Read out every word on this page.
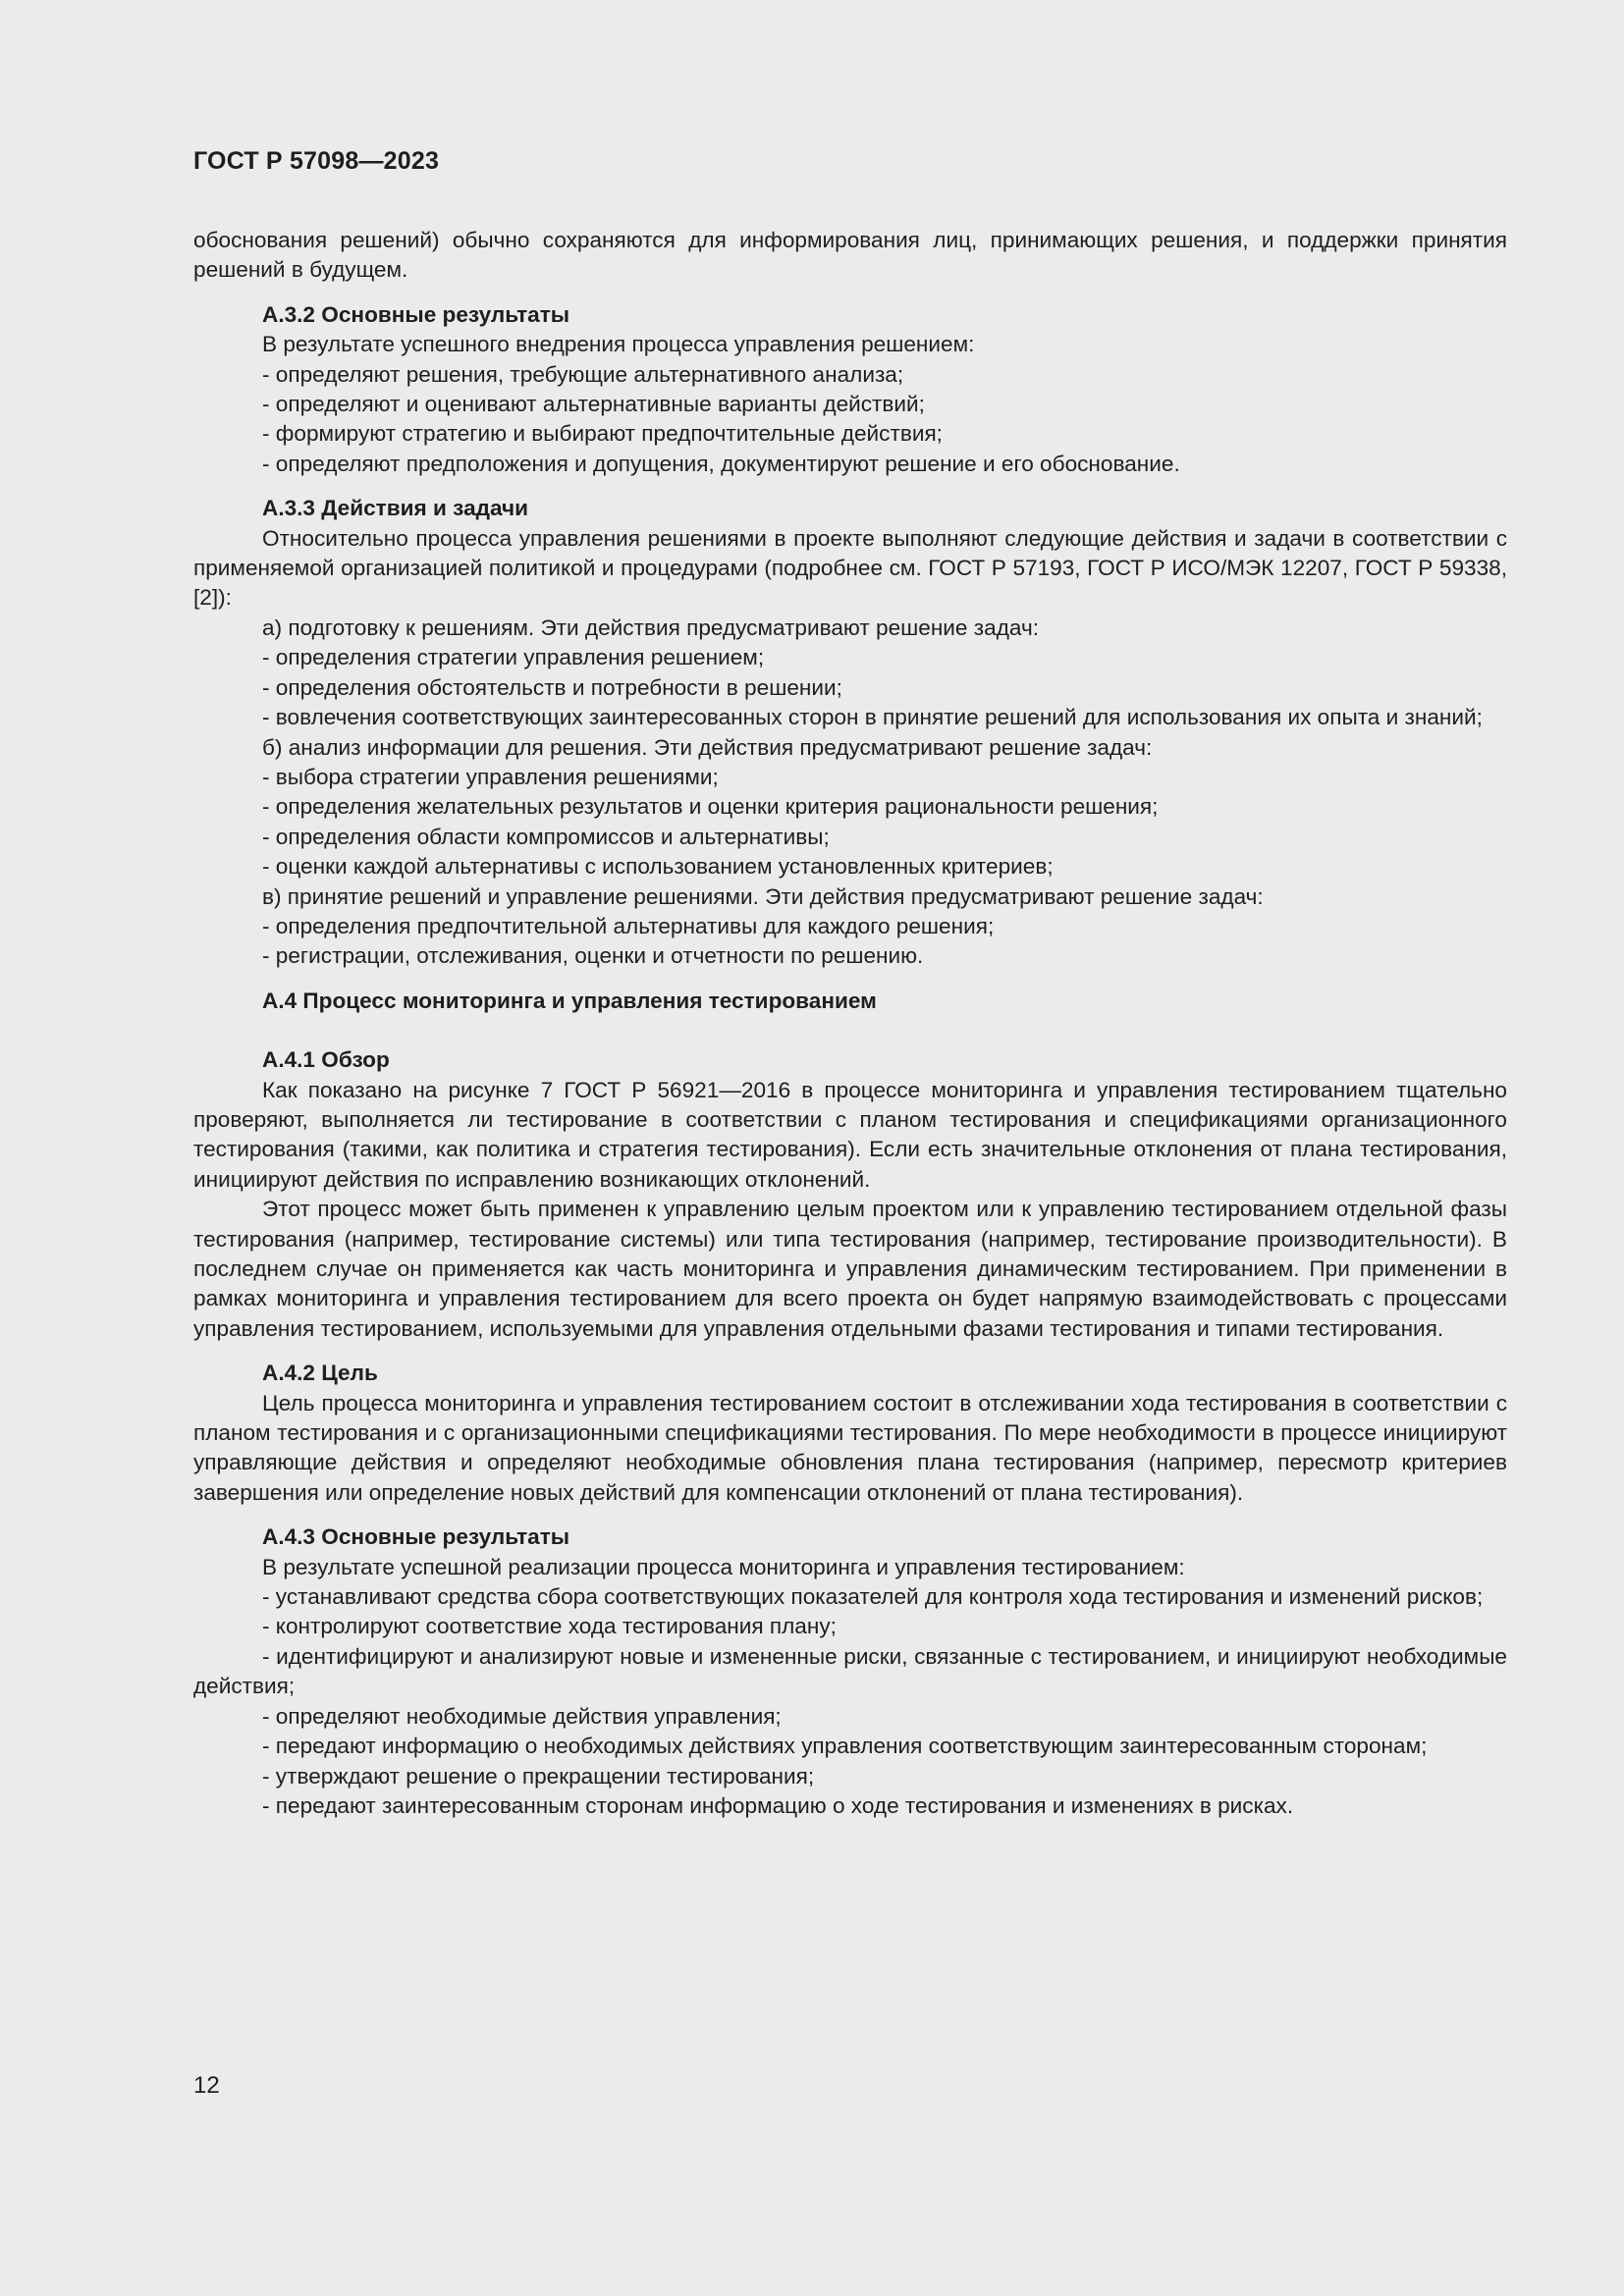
ГОСТ Р 57098—2023

обоснования решений) обычно сохраняются для информирования лиц, принимающих решения, и поддержки принятия решений в будущем.

А.3.2 Основные результаты

В результате успешного внедрения процесса управления решением:

- определяют решения, требующие альтернативного анализа;

- определяют и оценивают альтернативные варианты действий;

- формируют стратегию и выбирают предпочтительные действия;

- определяют предположения и допущения, документируют решение и его обоснование.

А.3.3 Действия и задачи

Относительно процесса управления решениями в проекте выполняют следующие действия и задачи в соответствии с применяемой организацией политикой и процедурами (подробнее см. ГОСТ Р 57193, ГОСТ Р ИСО/МЭК 12207, ГОСТ Р 59338, [2]):

а) подготовку к решениям. Эти действия предусматривают решение задач:

- определения стратегии управления решением;

- определения обстоятельств и потребности в решении;

- вовлечения соответствующих заинтересованных сторон в принятие решений для использования их опыта и знаний;

б) анализ информации для решения. Эти действия предусматривают решение задач:

- выбора стратегии управления решениями;

- определения желательных результатов и оценки критерия рациональности решения;

- определения области компромиссов и альтернативы;

- оценки каждой альтернативы с использованием установленных критериев;

в) принятие решений и управление решениями. Эти действия предусматривают решение задач:

- определения предпочтительной альтернативы для каждого решения;

- регистрации, отслеживания, оценки и отчетности по решению.

А.4 Процесс мониторинга и управления тестированием

А.4.1 Обзор

Как показано на рисунке 7 ГОСТ Р 56921—2016 в процессе мониторинга и управления тестированием тщательно проверяют, выполняется ли тестирование в соответствии с планом тестирования и спецификациями организационного тестирования (такими, как политика и стратегия тестирования). Если есть значительные отклонения от плана тестирования, инициируют действия по исправлению возникающих отклонений.

Этот процесс может быть применен к управлению целым проектом или к управлению тестированием отдельной фазы тестирования (например, тестирование системы) или типа тестирования (например, тестирование производительности). В последнем случае он применяется как часть мониторинга и управления динамическим тестированием. При применении в рамках мониторинга и управления тестированием для всего проекта он будет напрямую взаимодействовать с процессами управления тестированием, используемыми для управления отдельными фазами тестирования и типами тестирования.

А.4.2 Цель

Цель процесса мониторинга и управления тестированием состоит в отслеживании хода тестирования в соответствии с планом тестирования и с организационными спецификациями тестирования. По мере необходимости в процессе инициируют управляющие действия и определяют необходимые обновления плана тестирования (например, пересмотр критериев завершения или определение новых действий для компенсации отклонений от плана тестирования).

А.4.3 Основные результаты

В результате успешной реализации процесса мониторинга и управления тестированием:

- устанавливают средства сбора соответствующих показателей для контроля хода тестирования и изменений рисков;

- контролируют соответствие хода тестирования плану;

- идентифицируют и анализируют новые и измененные риски, связанные с тестированием, и инициируют необходимые действия;

- определяют необходимые действия управления;

- передают информацию о необходимых действиях управления соответствующим заинтересованным сторонам;

- утверждают решение о прекращении тестирования;

- передают заинтересованным сторонам информацию о ходе тестирования и изменениях в рисках.

12
